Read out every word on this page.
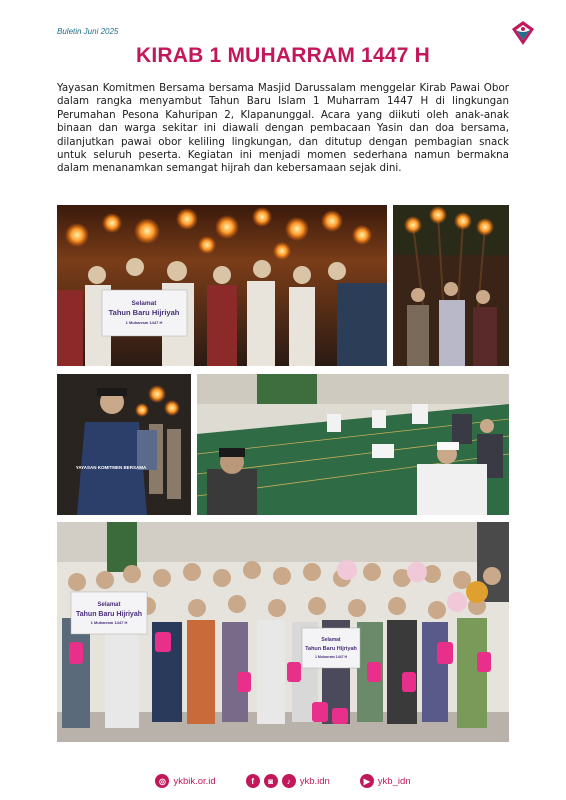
Buletin Juni 2025
KIRAB 1 MUHARRAM 1447 H

Yayasan Komitmen Bersama bersama Masjid Darussalam menggelar Kirab Pawai Obor dalam rangka menyambut Tahun Baru Islam 1 Muharram 1447 H di lingkungan Perumahan Pesona Kahuripan 2, Klapanunggal. Acara yang diikuti oleh anak-anak binaan dan warga sekitar ini diawali dengan pembacaan Yasin dan doa bersama, dilanjutkan pawai obor keliling lingkungan, dan ditutup dengan pembagian snack untuk seluruh peserta. Kegiatan ini menjadi momen sederhana namun bermakna dalam menanamkan semangat hijrah dan kebersamaan sejak dini.

Selamat
Tahun Baru Hijriyah
1 Muharram 1447 H
YAYASAN KOMITMEN BERSAMA
Selamat
Tahun Baru Hijriyah
1 Muharram 1447 H
Selamat
Tahun Baru Hijriyah
1 Muharram 1447 H
◎ ykbik.or.id	f	◙	♪ ykb.idn	▶ ykb_idn
